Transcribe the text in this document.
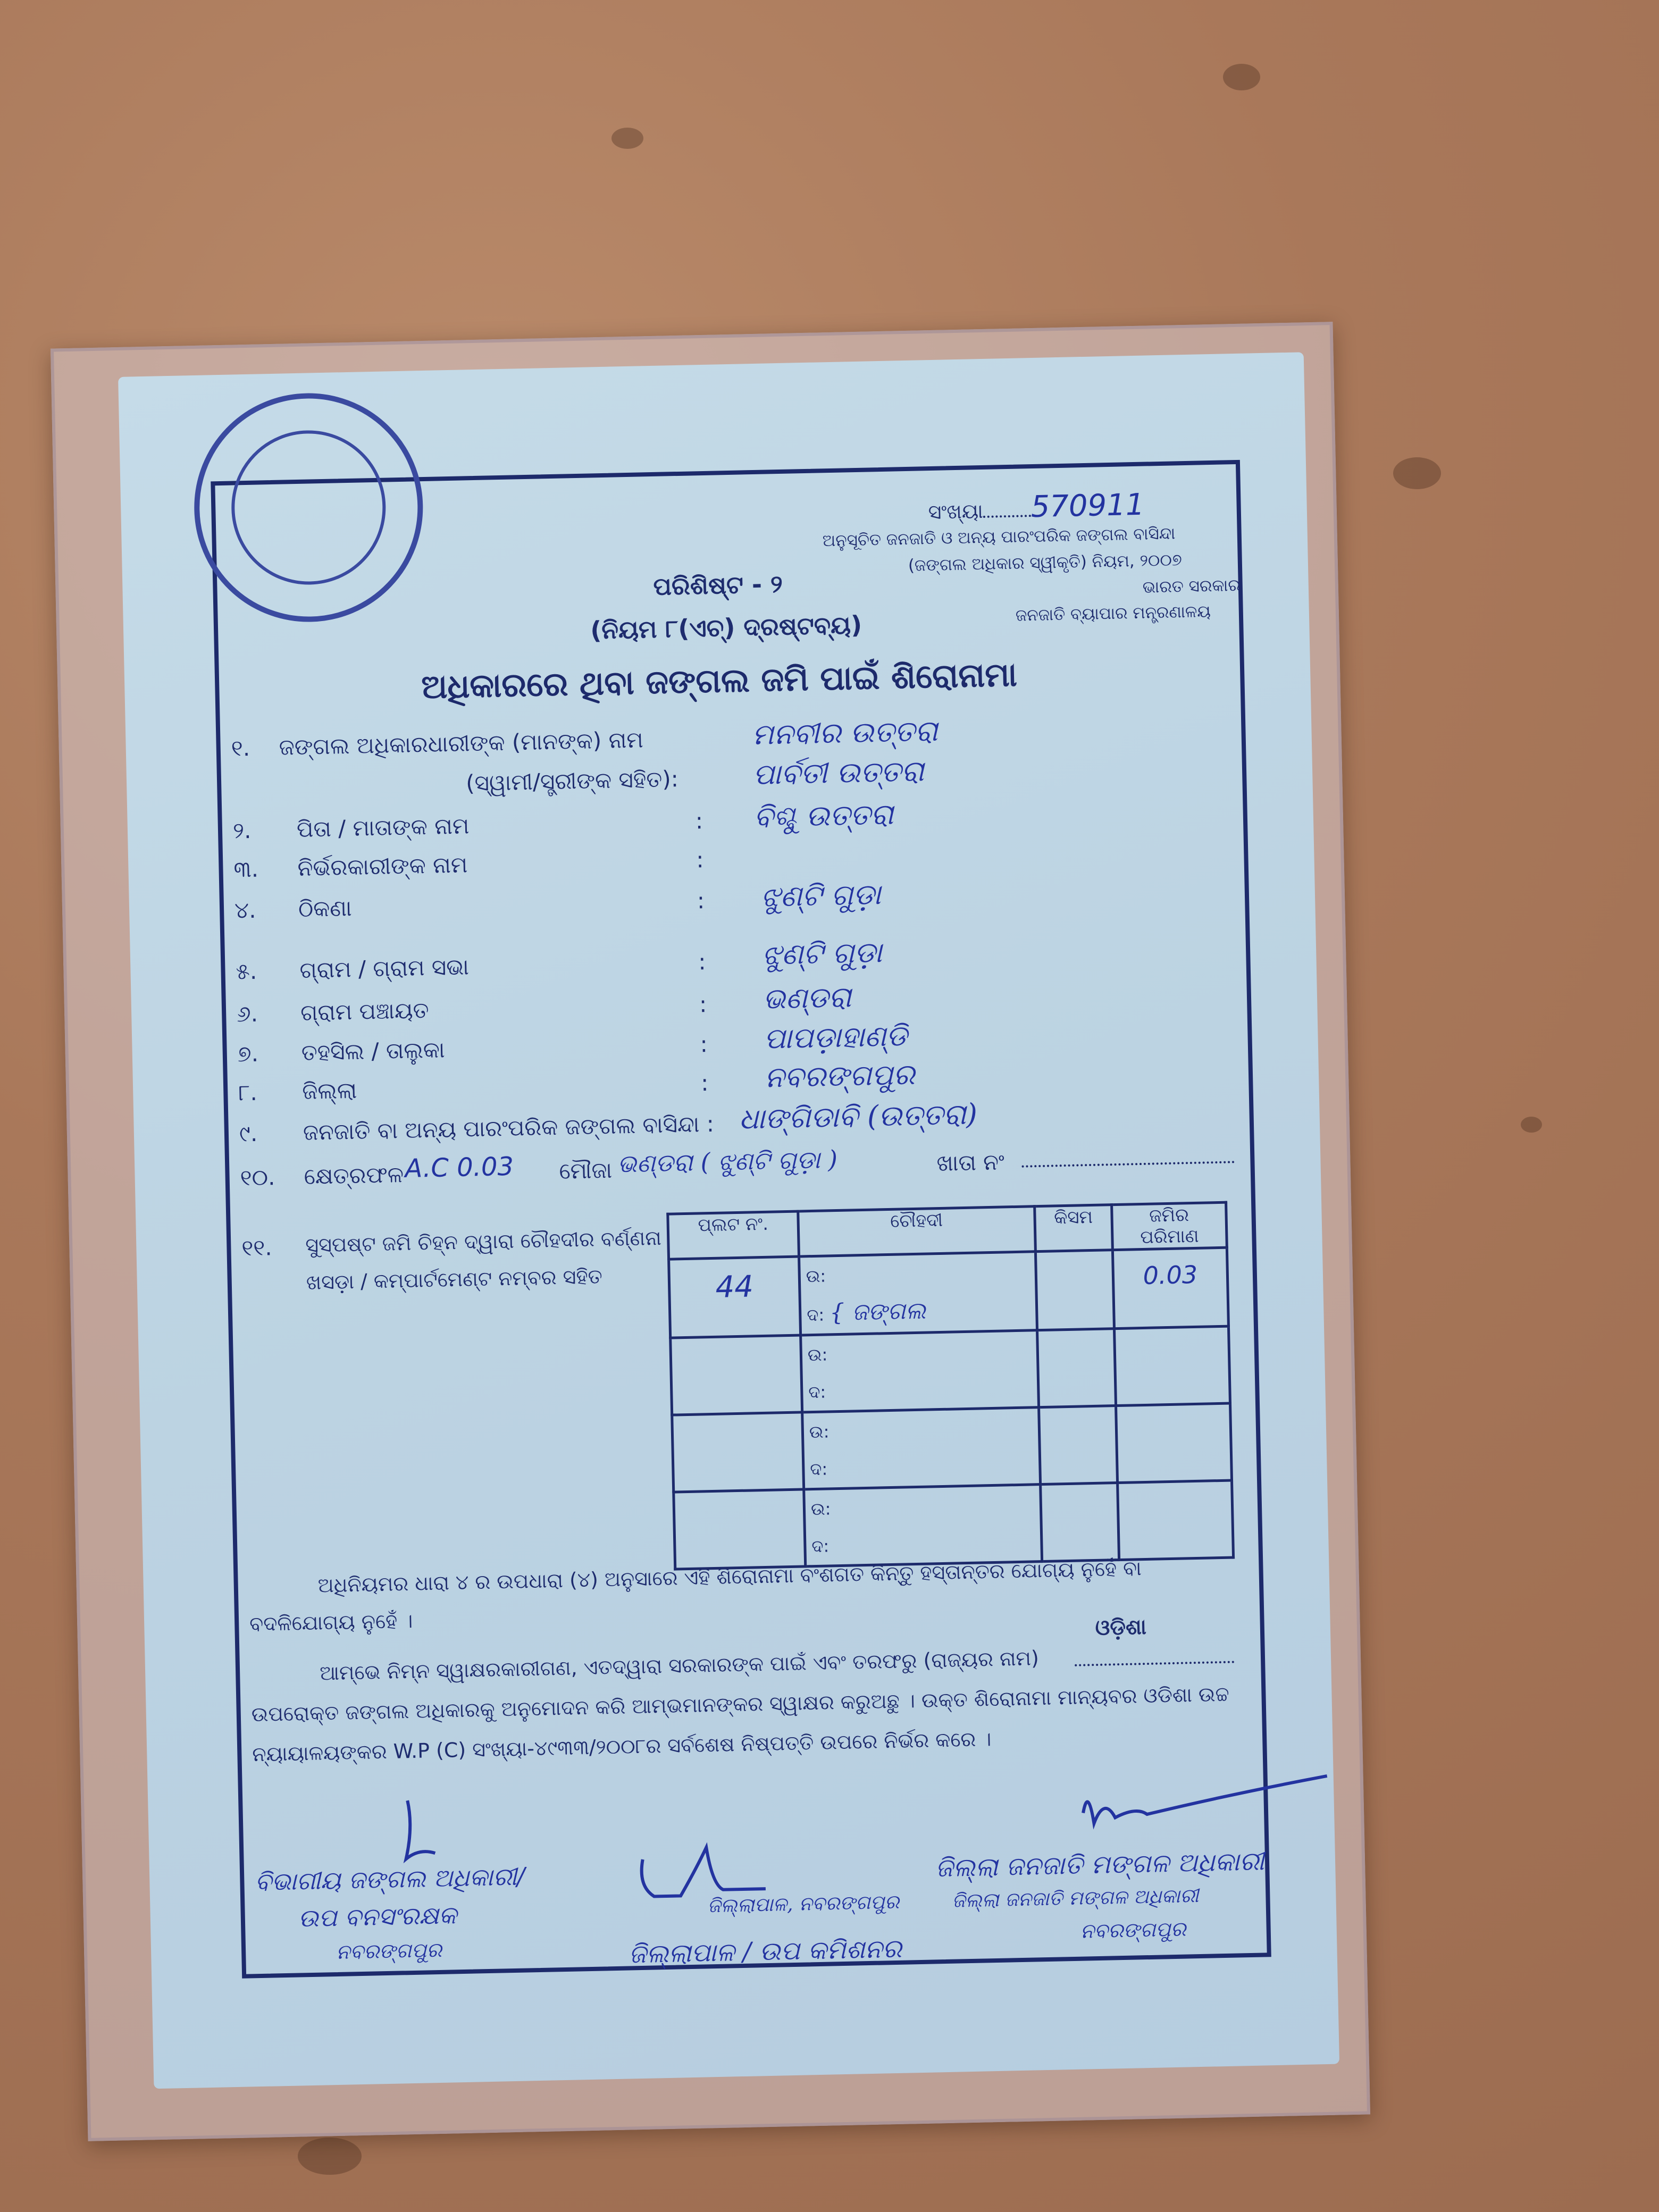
ସଂଖ୍ୟା 570911
ଅନୁସୂଚିତ ଜନଜାତି ଓ ଅନ୍ୟ ପାରଂପରିକ ଜଙ୍ଗଲ ବାସିନ୍ଦା
(ଜଙ୍ଗଲ ଅଧିକାର ସ୍ୱୀକୃତି) ନିୟମ, ୨୦୦୭
ଭାରତ ସରକାର
ଜନଜାତି ବ୍ୟାପାର ମନ୍ତ୍ରଣାଳୟ
ପରିଶିଷ୍ଟ - ୨
(ନିୟମ ୮(ଏଚ୍) ଦ୍ରଷ୍ଟବ୍ୟ)
ଅଧିକାରରେ ଥିବା ଜଙ୍ଗଲ ଜମି ପାଇଁ ଶିରୋନାମା
୧. ଜଙ୍ଗଲ ଅଧିକାରଧାରୀଙ୍କ (ମାନଙ୍କ) ନାମ	ମନବୀର ଉତ୍ତରା
(ସ୍ୱାମୀ/ସ୍ତ୍ରୀଙ୍କ ସହିତ):	ପାର୍ବତୀ ଉତ୍ତରା
୨. ପିତା / ମାତାଙ୍କ ନାମ	: ବିଶ୍ଚୁ ଉତ୍ତରା
୩. ନିର୍ଭରକାରୀଙ୍କ ନାମ	:
୪. ଠିକଣା	: ଝୁଣ୍ଟି ଗୁଡ଼ା
୫. ଗ୍ରାମ / ଗ୍ରାମ ସଭା	: ଝୁଣ୍ଟି ଗୁଡ଼ା
୬. ଗ୍ରାମ ପଞ୍ଚାୟତ	: ଭଣ୍ଡରା
୭. ତହସିଲ / ତାଲୁକା	: ପାପଡ଼ାହାଣ୍ଡି
୮. ଜିଲ୍ଲା	: ନବରଙ୍ଗପୁର
୯. ଜନଜାତି ବା ଅନ୍ୟ ପାରଂପରିକ ଜଙ୍ଗଲ ବାସିନ୍ଦା : ଧାଙ୍ଗିଡାବି (ଉତ୍ତରା)
୧୦. କ୍ଷେତ୍ରଫଳ A.C 0.03 ମୌଜା ଭଣ୍ଡରା ( ଝୁଣ୍ଟି ଗୁଡ଼ା )	ଖାତା ନଂ
୧୧. ସୁସ୍ପଷ୍ଟ ଜମି ଚିହ୍ନ ଦ୍ୱାରା ଚୌହଦୀର ବର୍ଣ୍ଣନା
ଖସଡ଼ା / କମ୍ପାର୍ଟମେଣ୍ଟ ନମ୍ବର ସହିତ
ପ୍ଲଟ ନଂ.	ଚୌହଦୀ	କିସମ	ଜମିର ପରିମାଣ

44	ଉ:
ଦ: { ଜଙ୍ଗଲ		0.03

	ଉ:
ଦ:		

	ଉ:
ଦ:		

	ଉ:
ଦ:		

ଅଧିନିୟମର ଧାରା ୪ ର ଉପଧାରା (୪) ଅନୁସାରେ ଏହି ଶିରୋନାମା ବଂଶଗତ କିନ୍ତୁ ହସ୍ତାନ୍ତର ଯୋଗ୍ୟ ନୁହେଁ ବା
ବଦଳିଯୋଗ୍ୟ ନୁହେଁ ।	ଓଡ଼ିଶା
ଆମ୍ଭେ ନିମ୍ନ ସ୍ୱାକ୍ଷରକାରୀଗଣ, ଏତଦ୍ୱାରା ସରକାରଙ୍କ ପାଇଁ ଏବଂ ତରଫରୁ (ରାଜ୍ୟର ନାମ)
ଉପରୋକ୍ତ ଜଙ୍ଗଲ ଅଧିକାରକୁ ଅନୁମୋଦନ କରି ଆମ୍ଭମାନଙ୍କର ସ୍ୱାକ୍ଷର କରୁଅଛୁ । ଉକ୍ତ ଶିରୋନାମା ମାନ୍ୟବର ଓଡିଶା ଉଚ୍ଚ
ନ୍ୟାୟାଳୟଙ୍କର W.P (C) ସଂଖ୍ୟା-୪୯୩୩/୨୦୦୮ର ସର୍ବଶେଷ ନିଷ୍ପତ୍ତି ଉପରେ ନିର୍ଭର କରେ ।
ବିଭାଗୀୟ ଜଙ୍ଗଲ ଅଧିକାରୀ/
ଉପ ବନସଂରକ୍ଷକ
ନବରଙ୍ଗପୁର
ଜିଲ୍ଲାପାଳ, ନବରଙ୍ଗପୁର
ଜିଲ୍ଲାପାଳ / ଉପ କମିଶନର
ଜିଲ୍ଲା ଜନଜାତି ମଙ୍ଗଳ ଅଧିକାରୀ
ଜିଲ୍ଲା ଜନଜାତି ମଙ୍ଗଳ ଅଧିକାରୀ
ନବରଙ୍ଗପୁର
